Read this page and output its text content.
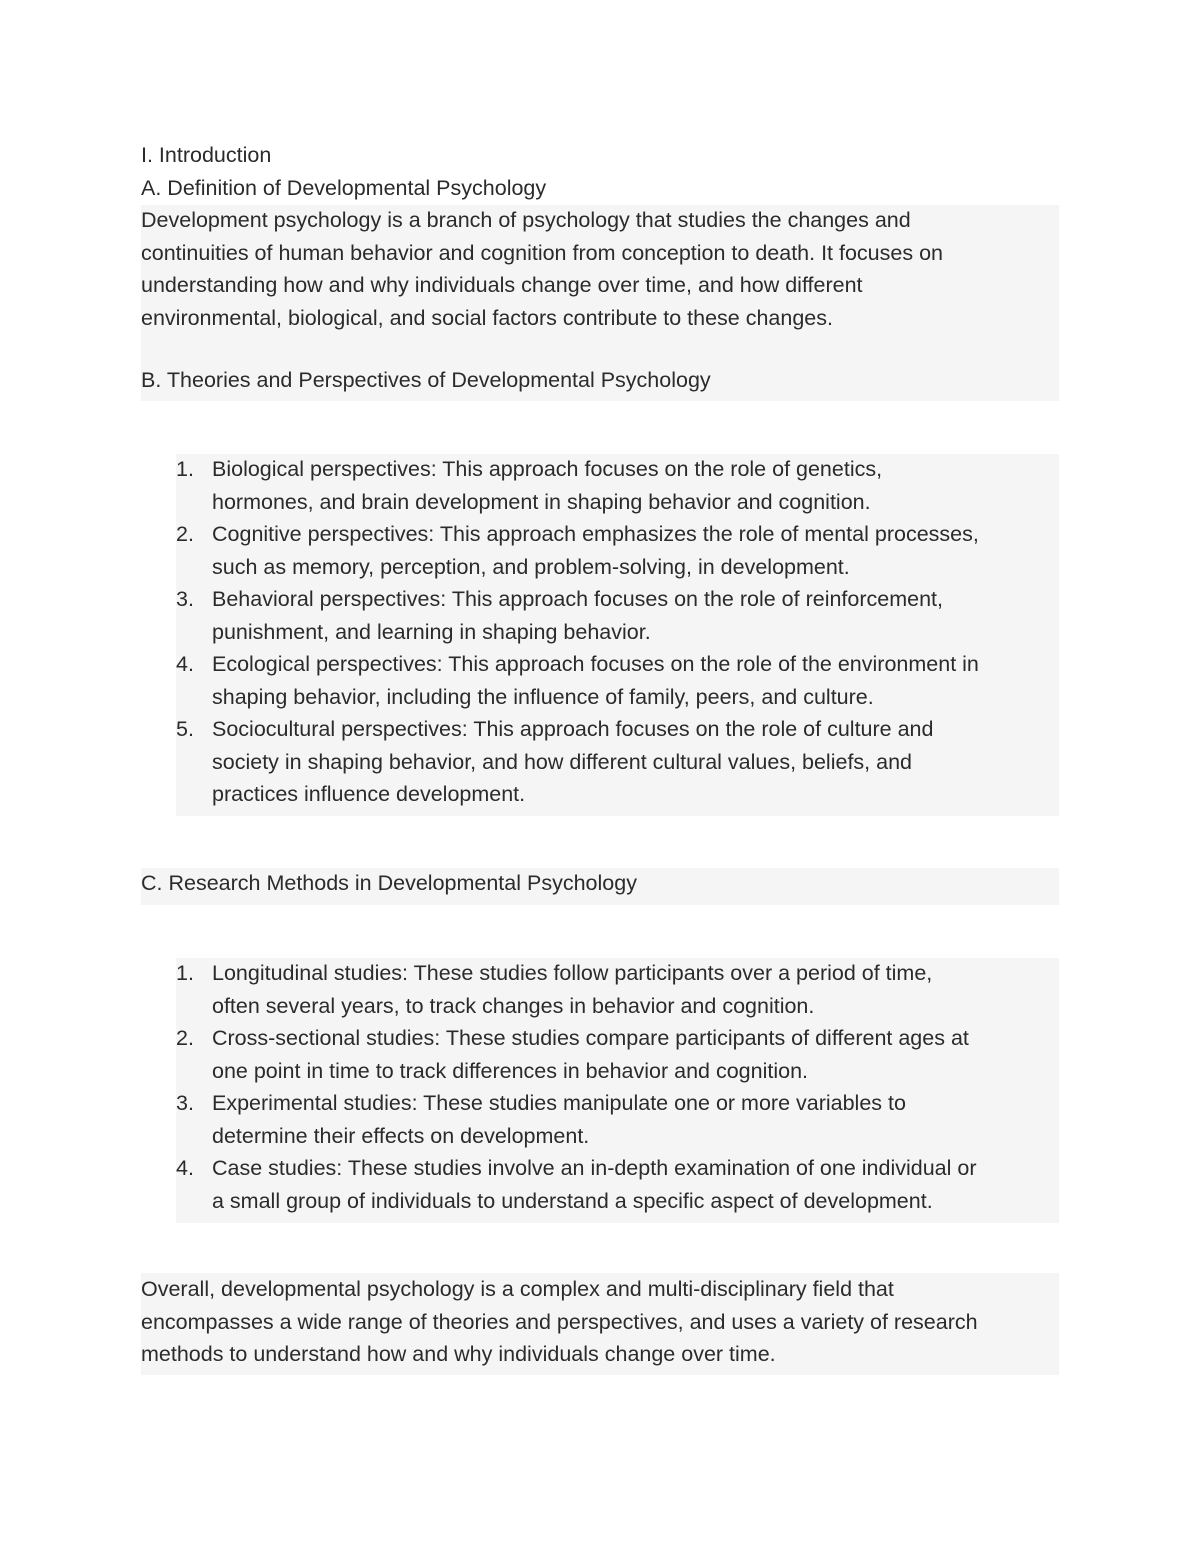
I. Introduction
A. Definition of Developmental Psychology

Development psychology is a branch of psychology that studies the changes and

continuities of human behavior and cognition from conception to death. It focuses on

understanding how and why individuals change over time, and how different

environmental, biological, and social factors contribute to these changes.

B. Theories and Perspectives of Developmental Psychology
1. Biological perspectives: This approach focuses on the role of genetics,
hormones, and brain development in shaping behavior and cognition.
2. Cognitive perspectives: This approach emphasizes the role of mental processes,
such as memory, perception, and problem-solving, in development.
3. Behavioral perspectives: This approach focuses on the role of reinforcement,
punishment, and learning in shaping behavior.
4. Ecological perspectives: This approach focuses on the role of the environment in
shaping behavior, including the influence of family, peers, and culture.
5. Sociocultural perspectives: This approach focuses on the role of culture and
society in shaping behavior, and how different cultural values, beliefs, and
practices influence development.
C. Research Methods in Developmental Psychology
1. Longitudinal studies: These studies follow participants over a period of time,
often several years, to track changes in behavior and cognition.
2. Cross-sectional studies: These studies compare participants of different ages at
one point in time to track differences in behavior and cognition.
3. Experimental studies: These studies manipulate one or more variables to
determine their effects on development.
4. Case studies: These studies involve an in-depth examination of one individual or
a small group of individuals to understand a specific aspect of development.

Overall, developmental psychology is a complex and multi-disciplinary field that

encompasses a wide range of theories and perspectives, and uses a variety of research

methods to understand how and why individuals change over time.
